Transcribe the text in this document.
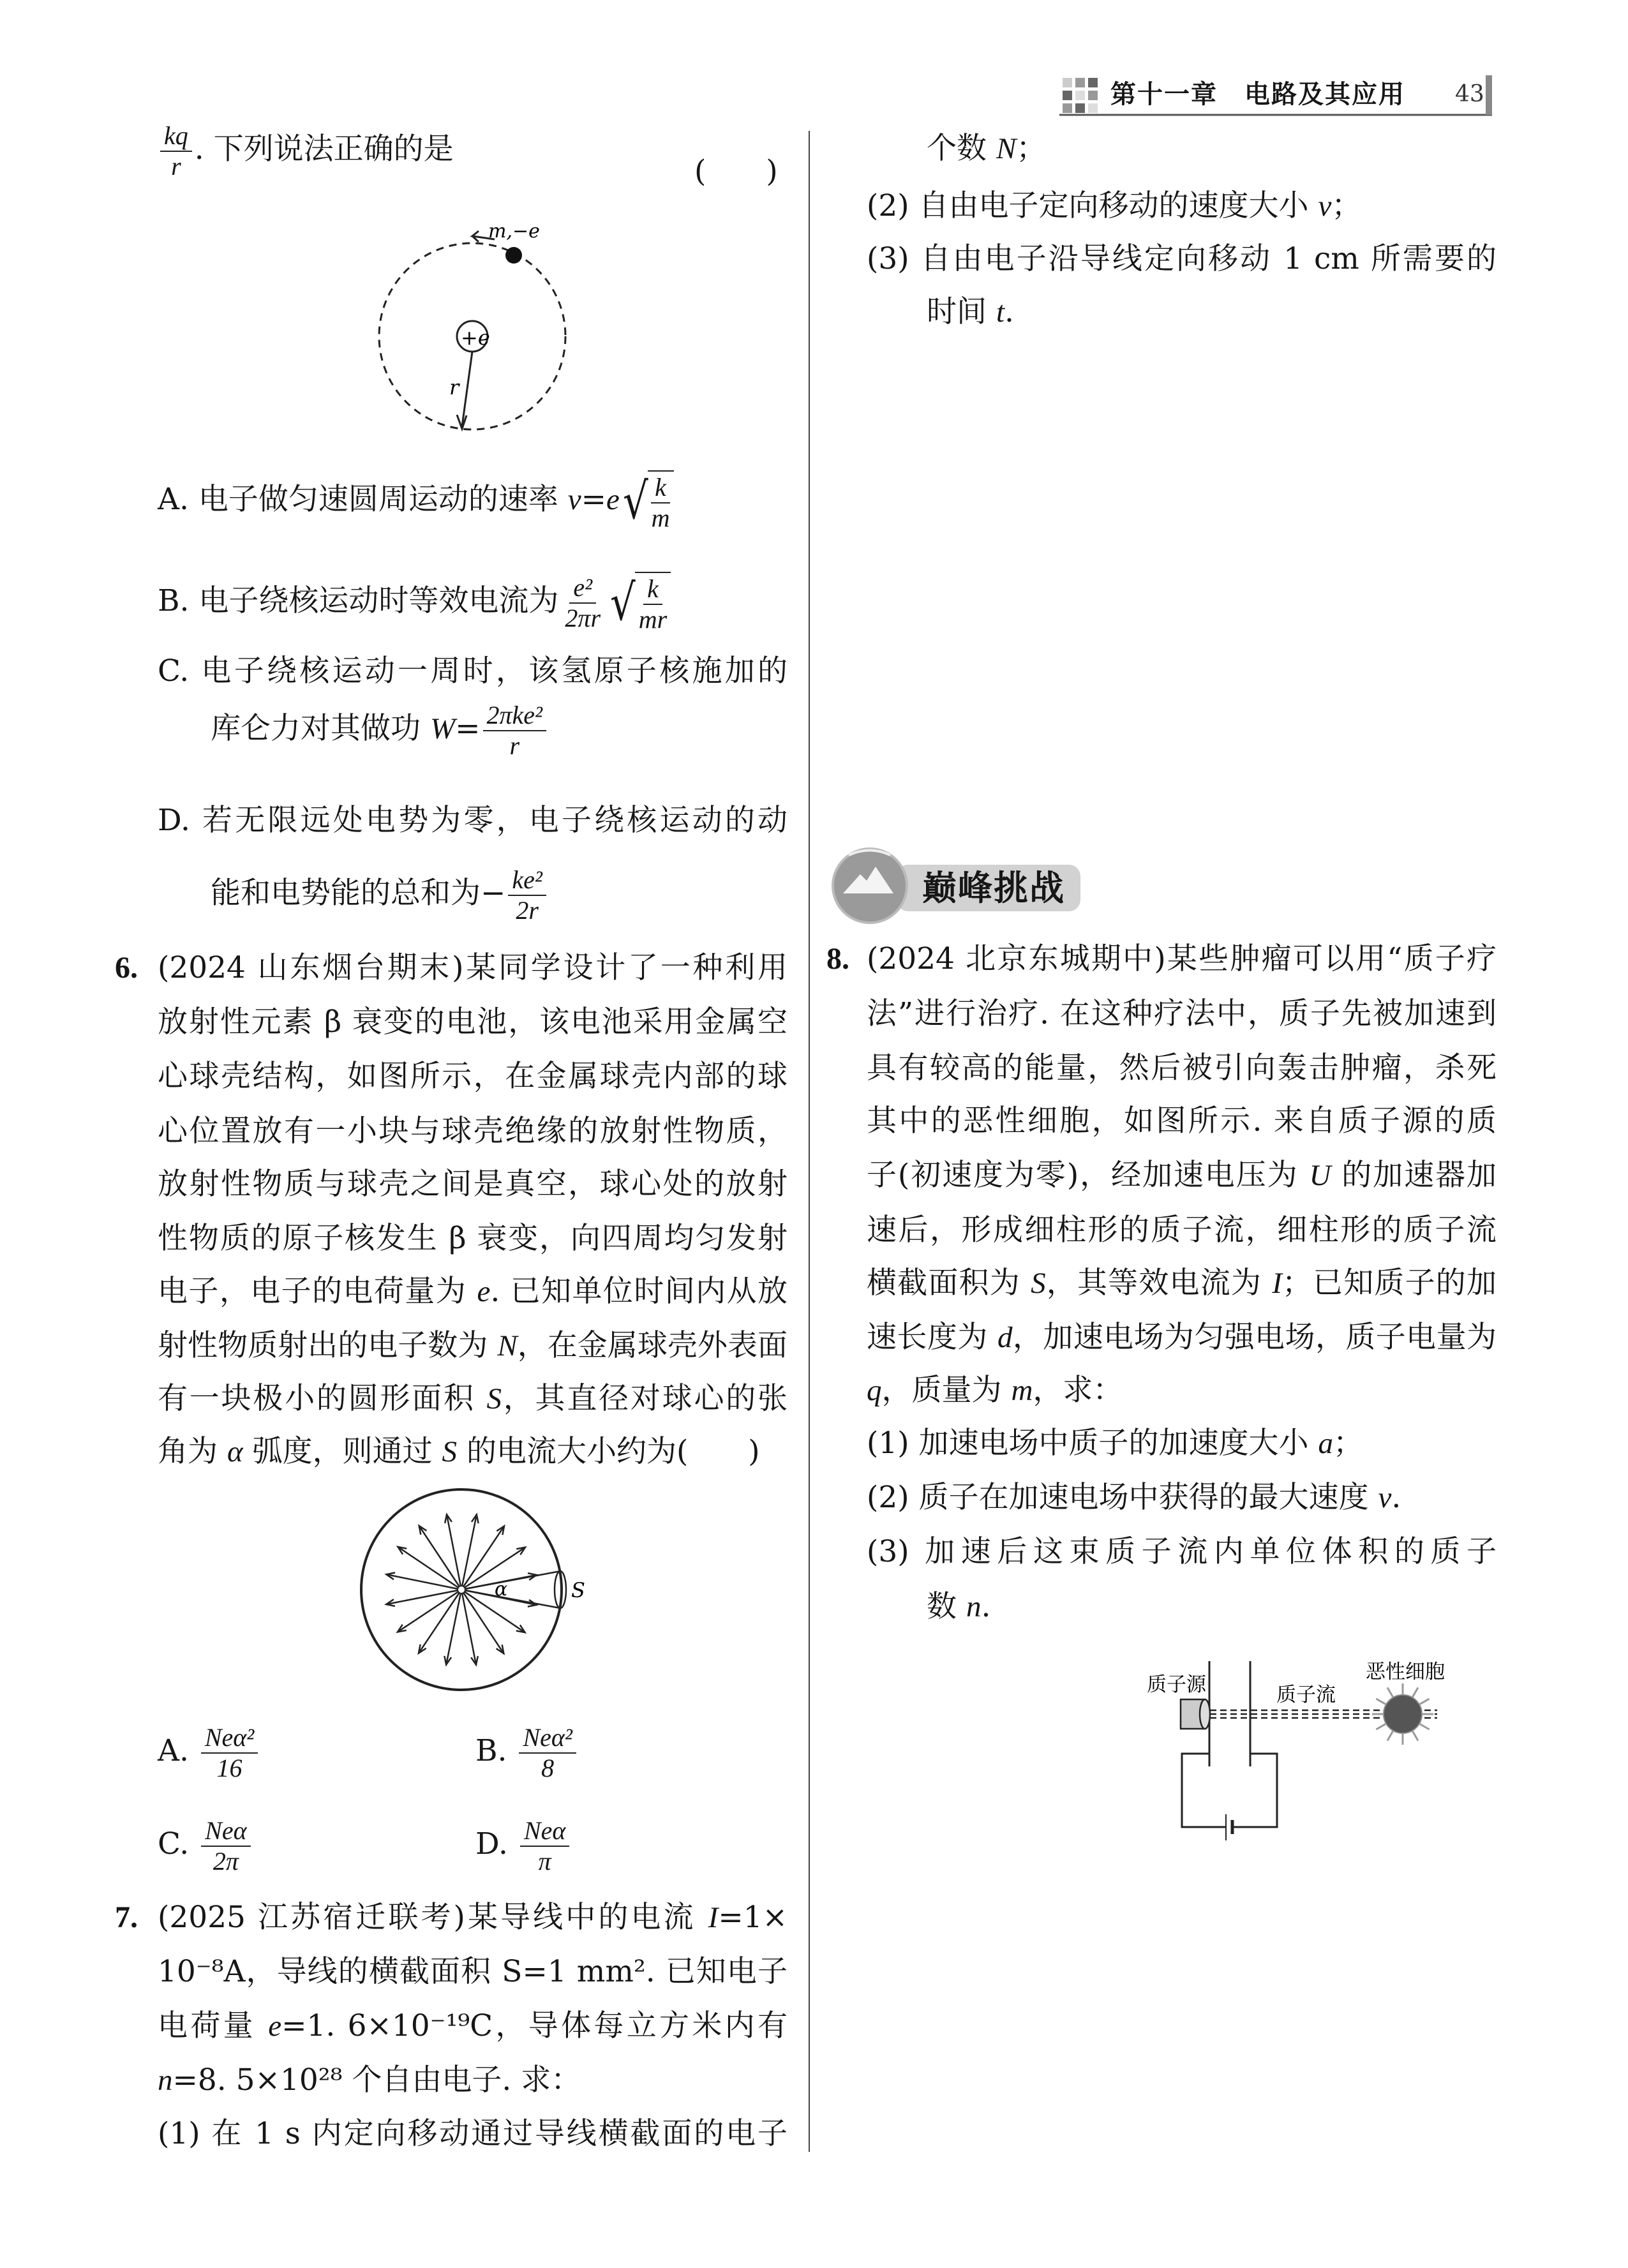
第十一章　电路及其应用 43
+e
m,−e
r
α	S
质子源	质子流
恶性细胞
巅峰挑战
$\frac{kq}{r}$ . 下列说法正确的是
(　　)
A. 电子做匀速圆周运动的速率 v=e √
$\frac{k}{m}$
B. 电子绕核运动时等效电流为 $\frac{\text{e²}}{2\pi r}$ √
$\frac{k}{mr}$
C. 电子绕核运动一周时，该氢原子核施加的
库仑力对其做功 W= 2πke²
r
D. 若无限远处电势为零，电子绕核运动的动
能和电势能的总和为− $\frac{\text{ke²}}{2r}$
6. (2024 山东烟台期末)某同学设计了一种利用
放射性元素 β 衰变的电池，该电池采用金属空
心球壳结构，如图所示，在金属球壳内部的球
心位置放有一小块与球壳绝缘的放射性物质，
放射性物质与球壳之间是真空，球心处的放射
性物质的原子核发生 β 衰变，向四周均匀发射
电子，电子的电荷量为 e. 已知单位时间内从放
射性物质射出的电子数为 N，在金属球壳外表面
有一块极小的圆形面积 S，其直径对球心的张
角为 α 弧度，则通过 S 的电流大小约为(　　)
A. Neα²
16	B. Neα²
8
C. Neα
2π	D. Neα
π
7. (2025 江苏宿迁联考)某导线中的电流 I=1×
10⁻⁸A，导线的横截面积 S=1 mm². 已知电子
电荷量 e=1. 6×10⁻¹⁹C，导体每立方米内有
n=8. 5×10²⁸ 个自由电子. 求：
(1) 在 1 s 内定向移动通过导线横截面的电子
个数 N；
(2) 自由电子定向移动的速度大小 v；
(3) 自由电子沿导线定向移动 1 cm 所需要的
时间 t.
8. (2024 北京东城期中)某些肿瘤可以用“质子疗
法”进行治疗. 在这种疗法中，质子先被加速到
具有较高的能量，然后被引向轰击肿瘤，杀死
其中的恶性细胞，如图所示. 来自质子源的质
子(初速度为零)，经加速电压为 U 的加速器加
速后，形成细柱形的质子流，细柱形的质子流
横截面积为 S，其等效电流为 I；已知质子的加
速长度为 d，加速电场为匀强电场，质子电量为
q，质量为 m，求：
(1) 加速电场中质子的加速度大小 a；
(2) 质子在加速电场中获得的最大速度 v.
(3) 加速后这束质子流内单位体积的质子
数 n.
